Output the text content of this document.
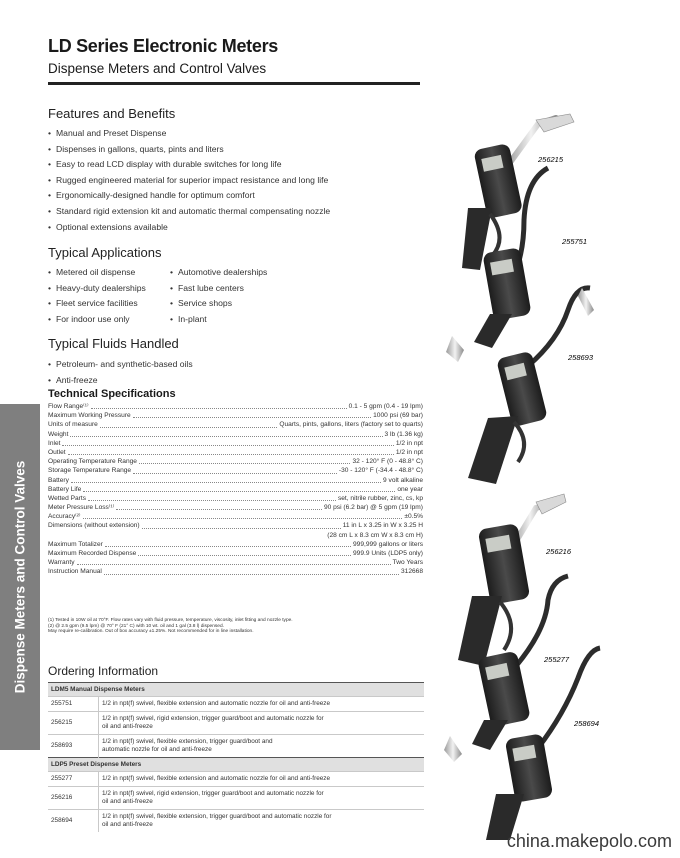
LD Series Electronic Meters
Dispense Meters and Control Valves
Features and Benefits
• Manual and Preset Dispense
• Dispenses in gallons, quarts, pints and liters
• Easy to read LCD display with durable switches for long life
• Rugged engineered material for superior impact resistance and long life
• Ergonomically-designed handle for optimum comfort
• Standard rigid extension kit and automatic thermal compensating nozzle
• Optional extensions available
Typical Applications
• Metered oil dispense
• Heavy-duty dealerships
• Fleet service facilities
• For indoor use only
• Automotive dealerships
• Fast lube centers
• Service shops
• In-plant
Typical Fluids Handled
• Petroleum- and synthetic-based oils
• Anti-freeze
Technical Specifications
Flow Range⁽¹⁾	0.1 - 5 gpm (0.4 - 19 lpm)
Maximum Working Pressure	1000 psi (69 bar)
Units of measure	Quarts, pints, gallons, liters (factory set to quarts)
Weight	3 lb (1.36 kg)
Inlet	1/2 in npt
Outlet	1/2 in npt
Operating Temperature Range	32 - 120° F (0 - 48.8° C)
Storage Temperature Range	-30 - 120° F (-34.4 - 48.8° C)
Battery	9 volt alkaline
Battery Life	one year
Wetted Parts	set, nitrile rubber, zinc, cs, kp
Meter Pressure Loss⁽¹⁾	90 psi (6.2 bar) @ 5 gpm (19 lpm)
Accuracy⁽²⁾	±0.5%
Dimensions (without extension)	11 in L x 3.25 in W x 3.25 H
(28 cm L x 8.3 cm W x 8.3 cm H)
Maximum Totalizer	999,999 gallons or liters
Maximum Recorded Dispense	999.9 Units (LDP5 only)
Warranty	Two Years
Instruction Manual	312668
(1) Tested in 10W oil at 70°F. Flow rates vary with fluid pressure, temperature, viscosity, inlet fitting and nozzle type.
(2) @ 2.5 gpm (9.5 lpm) @ 70° F (21° C) with 10 wt. oil and 1 gal (3.8 l) dispensed.
May require re-calibration. Out of box accuracy ±1.25%. Not recommended for in line installation.
Dispense Meters and Control Valves Ordering Information
LDM5 Manual Dispense Meters	
255751	1/2 in npt(f) swivel, flexible extension and automatic nozzle for oil and anti-freeze

256215	1/2 in npt(f) swivel, rigid extension, trigger guard/boot and automatic nozzle for
oil and anti-freeze

258693	1/2 in npt(f) swivel, flexible extension, trigger guard/boot and
automatic nozzle for oil and anti-freeze

LDP5 Preset Dispense Meters	
255277	1/2 in npt(f) swivel, flexible extension and automatic nozzle for oil and anti-freeze

256216	1/2 in npt(f) swivel, rigid extension, trigger guard/boot and automatic nozzle for
oil and anti-freeze

258694	1/2 in npt(f) swivel, flexible extension, trigger guard/boot and automatic nozzle for
oil and anti-freeze
256215
255751
258693
256216
255277
258694
china.makepolo.com
